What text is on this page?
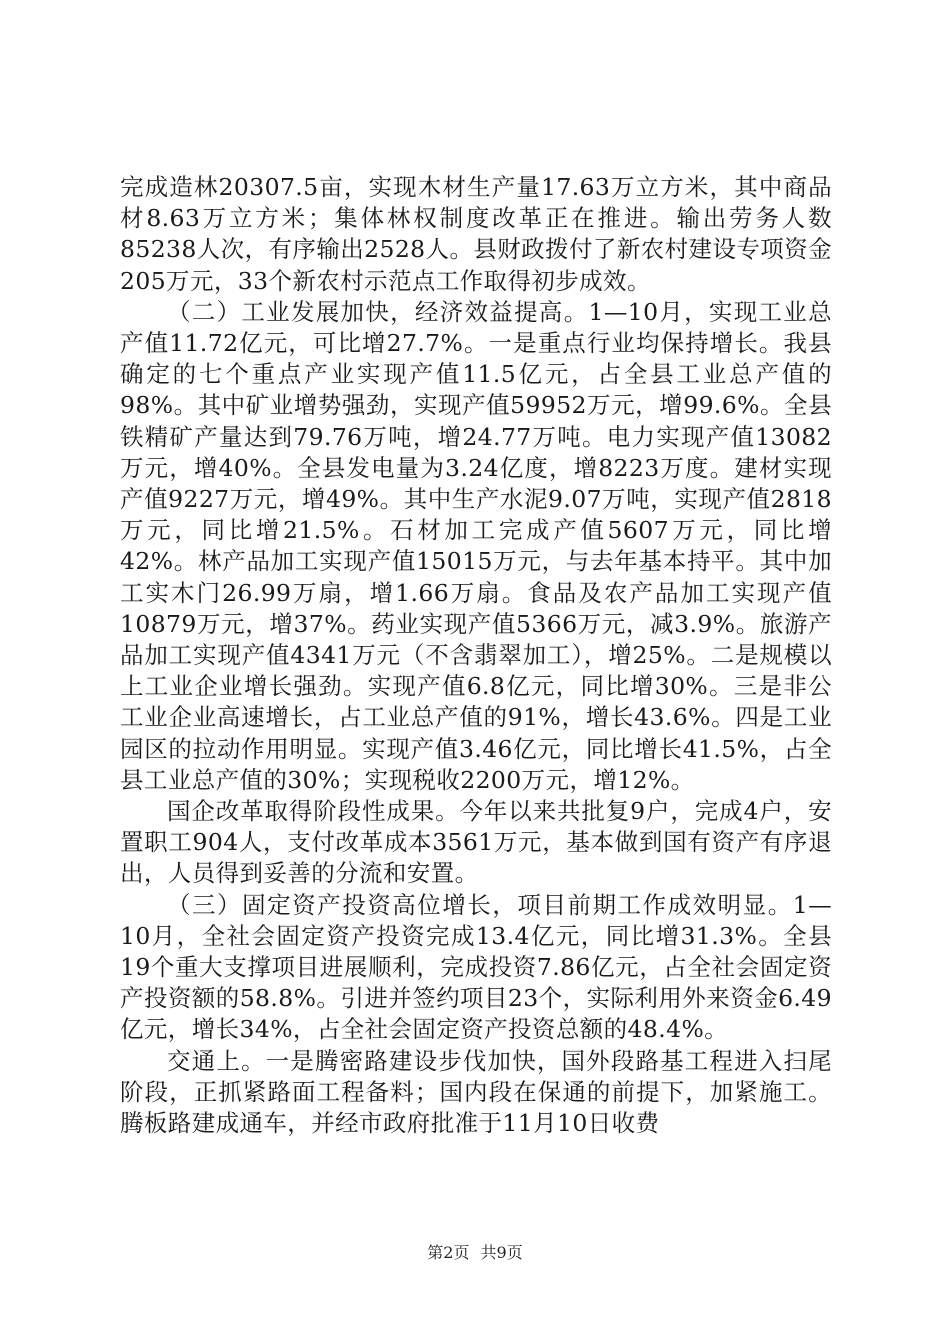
完成造林20307.5亩，实现木材生产量17.63万立方米，其中商品材8.63万立方米；集体林权制度改革正在推进。输出劳务人数85238人次，有序输出2528人。县财政拨付了新农村建设专项资金205万元，33个新农村示范点工作取得初步成效。

（二）工业发展加快，经济效益提高。1—10月，实现工业总产值11.72亿元，可比增27.7%。一是重点行业均保持增长。我县确定的七个重点产业实现产值11.5亿元，占全县工业总产值的98%。其中矿业增势强劲，实现产值59952万元，增99.6%。全县铁精矿产量达到79.76万吨，增24.77万吨。电力实现产值13082万元，增40%。全县发电量为3.24亿度，增8223万度。建材实现产值9227万元，增49%。其中生产水泥9.07万吨，实现产值2818万元，同比增21.5%。石材加工完成产值5607万元，同比增42%。林产品加工实现产值15015万元，与去年基本持平。其中加工实木门26.99万扇，增1.66万扇。食品及农产品加工实现产值10879万元，增37%。药业实现产值5366万元，减3.9%。旅游产品加工实现产值4341万元（不含翡翠加工），增25%。二是规模以上工业企业增长强劲。实现产值6.8亿元，同比增30%。三是非公工业企业高速增长，占工业总产值的91%，增长43.6%。四是工业园区的拉动作用明显。实现产值3.46亿元，同比增长41.5%，占全县工业总产值的30%；实现税收2200万元，增12%。

国企改革取得阶段性成果。今年以来共批复9户，完成4户，安置职工904人，支付改革成本3561万元，基本做到国有资产有序退出，人员得到妥善的分流和安置。

（三）固定资产投资高位增长，项目前期工作成效明显。1—10月，全社会固定资产投资完成13.4亿元，同比增31.3%。全县19个重大支撑项目进展顺利，完成投资7.86亿元，占全社会固定资产投资额的58.8%。引进并签约项目23个，实际利用外来资金6.49亿元，增长34%，占全社会固定资产投资总额的48.4%。

交通上。一是腾密路建设步伐加快，国外段路基工程进入扫尾阶段，正抓紧路面工程备料；国内段在保通的前提下，加紧施工。腾板路建成通车，并经市政府批准于11月10日收费

第2页 共9页
